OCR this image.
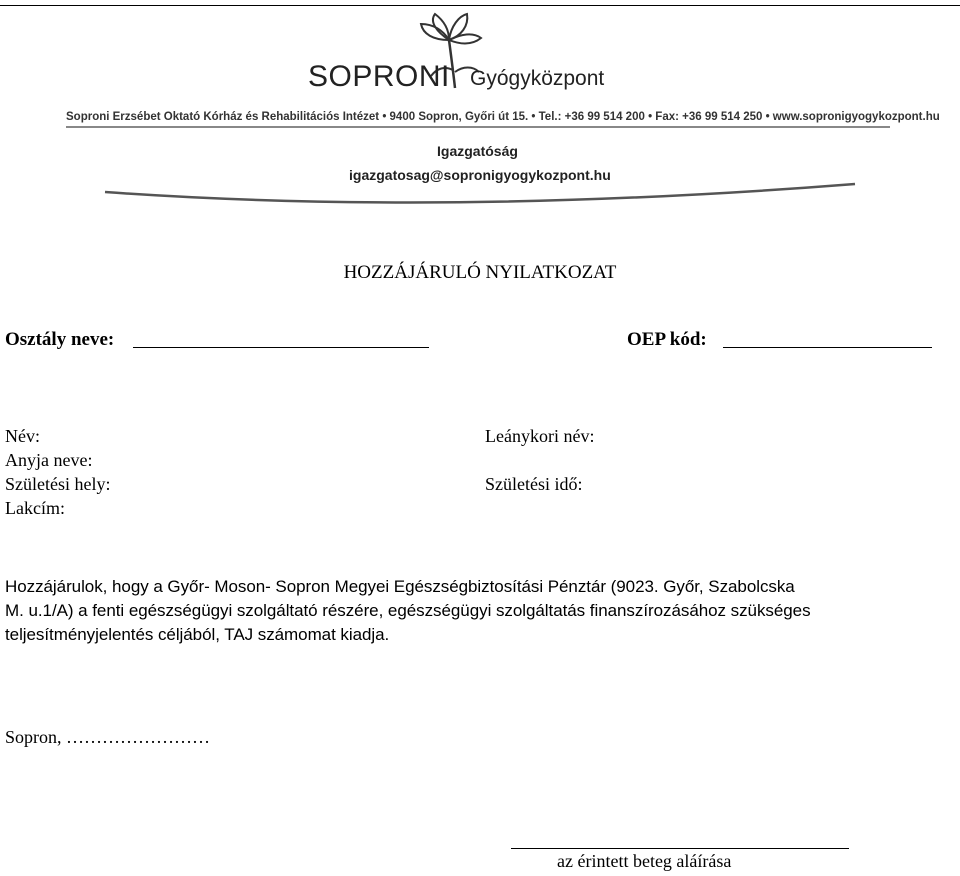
SOPRONI Gyógyközpont
Soproni Erzsébet Oktató Kórház és Rehabilitációs Intézet • 9400 Sopron, Győri út 15. • Tel.: +36 99 514 200 • Fax: +36 99 514 250 • www.sopronigyogykozpont.hu
Igazgatóság
igazgatosag@sopronigyogykozpont.hu
HOZZÁJÁRULÓ NYILATKOZAT
Osztály neve:	OEP kód:
Név:
Anyja neve:
Születési hely:
Lakcím:
Leánykori név:
Születési idő:
Hozzájárulok, hogy a Győr- Moson- Sopron Megyei Egészségbiztosítási Pénztár (9023. Győr, Szabolcska
M. u.1/A) a fenti egészségügyi szolgáltató részére, egészségügyi szolgáltatás finanszírozásához szükséges
teljesítményjelentés céljából, TAJ számomat kiadja.
Sopron, ……………………
az érintett beteg aláírása
